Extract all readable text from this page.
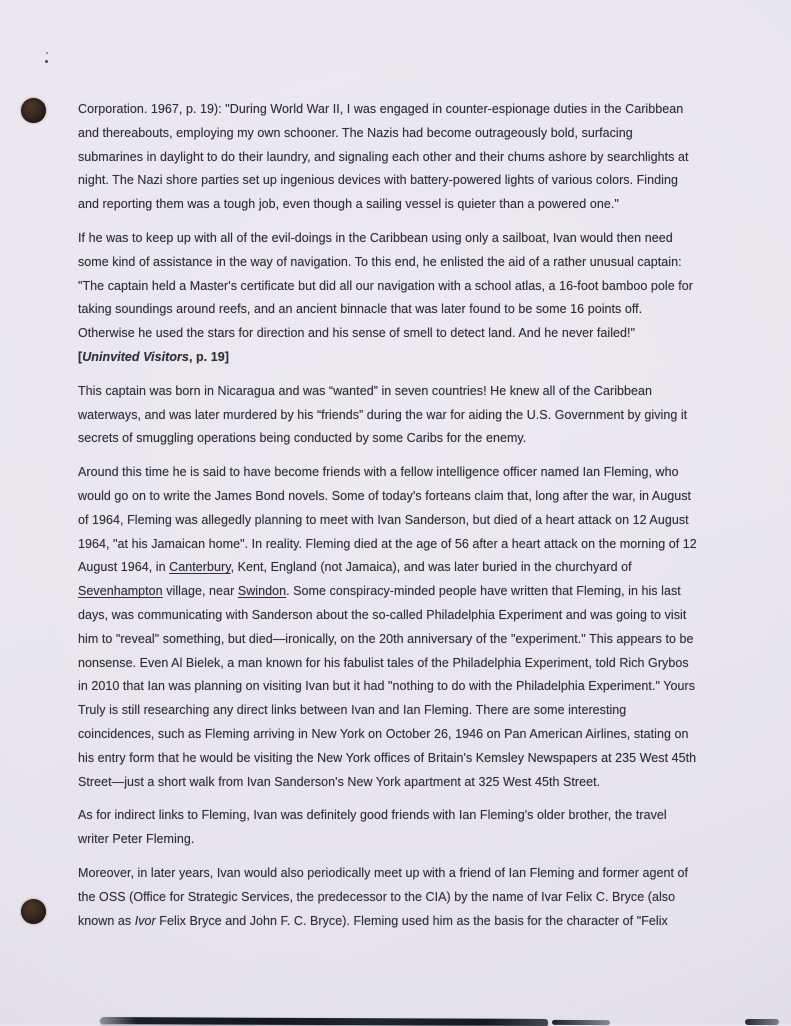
Corporation. 1967, p. 19): "During World War II, I was engaged in counter-espionage duties in the Caribbean
and thereabouts, employing my own schooner. The Nazis had become outrageously bold, surfacing
submarines in daylight to do their laundry, and signaling each other and their chums ashore by searchlights at
night. The Nazi shore parties set up ingenious devices with battery-powered lights of various colors. Finding
and reporting them was a tough job, even though a sailing vessel is quieter than a powered one."

If he was to keep up with all of the evil-doings in the Caribbean using only a sailboat, Ivan would then need
some kind of assistance in the way of navigation. To this end, he enlisted the aid of a rather unusual captain:
"The captain held a Master's certificate but did all our navigation with a school atlas, a 16-foot bamboo pole for
taking soundings around reefs, and an ancient binnacle that was later found to be some 16 points off.
Otherwise he used the stars for direction and his sense of smell to detect land. And he never failed!"
[Uninvited Visitors, p. 19]

This captain was born in Nicaragua and was “wanted” in seven countries! He knew all of the Caribbean
waterways, and was later murdered by his “friends” during the war for aiding the U.S. Government by giving it
secrets of smuggling operations being conducted by some Caribs for the enemy.

Around this time he is said to have become friends with a fellow intelligence officer named Ian Fleming, who
would go on to write the James Bond novels. Some of today's forteans claim that, long after the war, in August
of 1964, Fleming was allegedly planning to meet with Ivan Sanderson, but died of a heart attack on 12 August
1964, "at his Jamaican home". In reality. Fleming died at the age of 56 after a heart attack on the morning of 12
August 1964, in Canterbury, Kent, England (not Jamaica), and was later buried in the churchyard of
Sevenhampton village, near Swindon. Some conspiracy-minded people have written that Fleming, in his last
days, was communicating with Sanderson about the so-called Philadelphia Experiment and was going to visit
him to "reveal" something, but died—ironically, on the 20th anniversary of the "experiment." This appears to be
nonsense. Even Al Bielek, a man known for his fabulist tales of the Philadelphia Experiment, told Rich Grybos
in 2010 that Ian was planning on visiting Ivan but it had "nothing to do with the Philadelphia Experiment." Yours
Truly is still researching any direct links between Ivan and Ian Fleming. There are some interesting
coincidences, such as Fleming arriving in New York on October 26, 1946 on Pan American Airlines, stating on
his entry form that he would be visiting the New York offices of Britain's Kemsley Newspapers at 235 West 45th
Street—just a short walk from Ivan Sanderson's New York apartment at 325 West 45th Street.

As for indirect links to Fleming, Ivan was definitely good friends with Ian Fleming's older brother, the travel
writer Peter Fleming.

Moreover, in later years, Ivan would also periodically meet up with a friend of Ian Fleming and former agent of
the OSS (Office for Strategic Services, the predecessor to the CIA) by the name of Ivar Felix C. Bryce (also
known as Ivor Felix Bryce and John F. C. Bryce). Fleming used him as the basis for the character of "Felix
